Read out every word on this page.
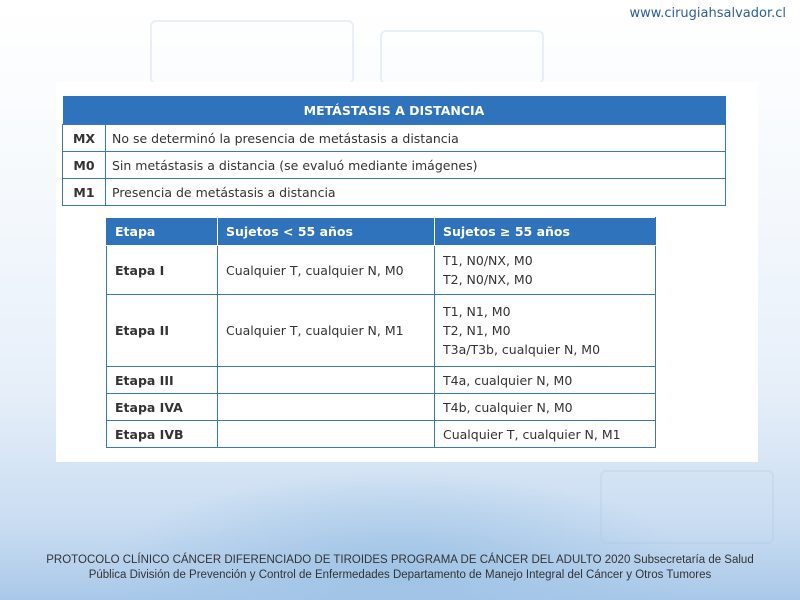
www.cirugiahsalvador.cl
METÁSTASIS A DISTANCIA	
MX	No se determinó la presencia de metástasis a distancia
M0	Sin metástasis a distancia (se evaluó mediante imágenes)
M1	Presencia de metástasis a distancia
Etapa	Sujetos < 55 años	Sujetos ≥ 55 años
Etapa I	Cualquier T, cualquier N, M0	T1, N0/NX, M0
T2, N0/NX, M0

Etapa II	Cualquier T, cualquier N, M1	T1, N1, M0
T2, N1, M0
T3a/T3b, cualquier N, M0

Etapa III		T4a, cualquier N, M0
Etapa IVA		T4b, cualquier N, M0
Etapa IVB		Cualquier T, cualquier N, M1
PROTOCOLO CLÍNICO CÁNCER DIFERENCIADO DE TIROIDES PROGRAMA DE CÁNCER DEL ADULTO 2020 Subsecretaría de Salud
Pública División de Prevención y Control de Enfermedades Departamento de Manejo Integral del Cáncer y Otros Tumores
